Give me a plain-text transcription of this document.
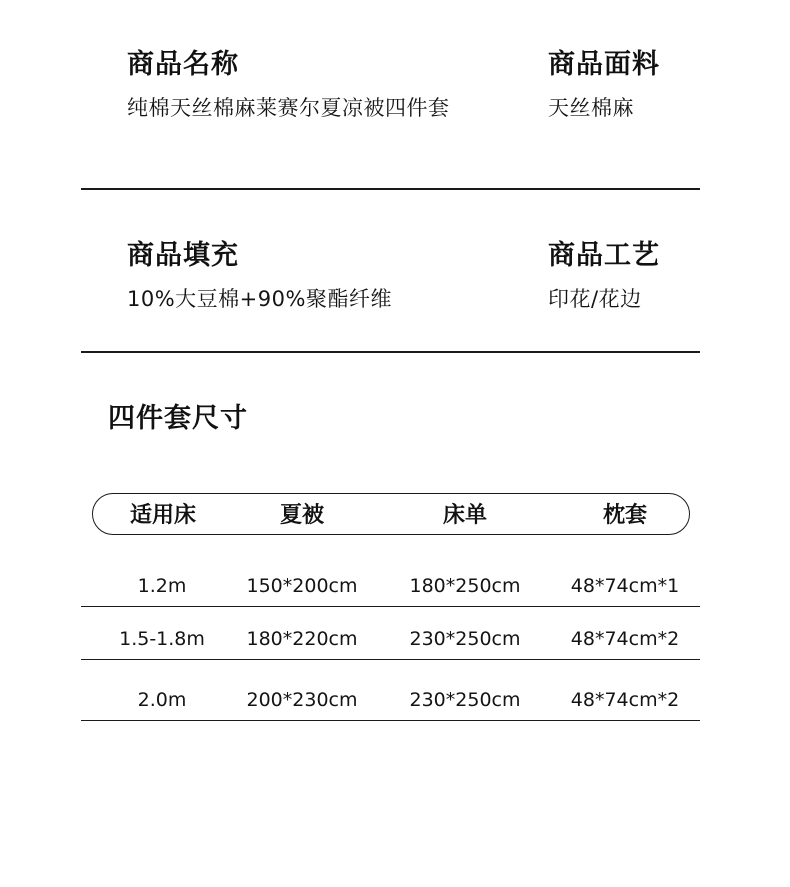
商品名称
纯棉天丝棉麻莱赛尔夏凉被四件套
商品面料
天丝棉麻
商品填充
10%大豆棉+90%聚酯纤维
商品工艺
印花/花边
四件套尺寸
适用床	夏被	床单	枕套
1.2m	150*200cm	180*250cm	48*74cm*1
1.5-1.8m 180*220cm	230*250cm	48*74cm*2
2.0m	200*230cm	230*250cm	48*74cm*2
